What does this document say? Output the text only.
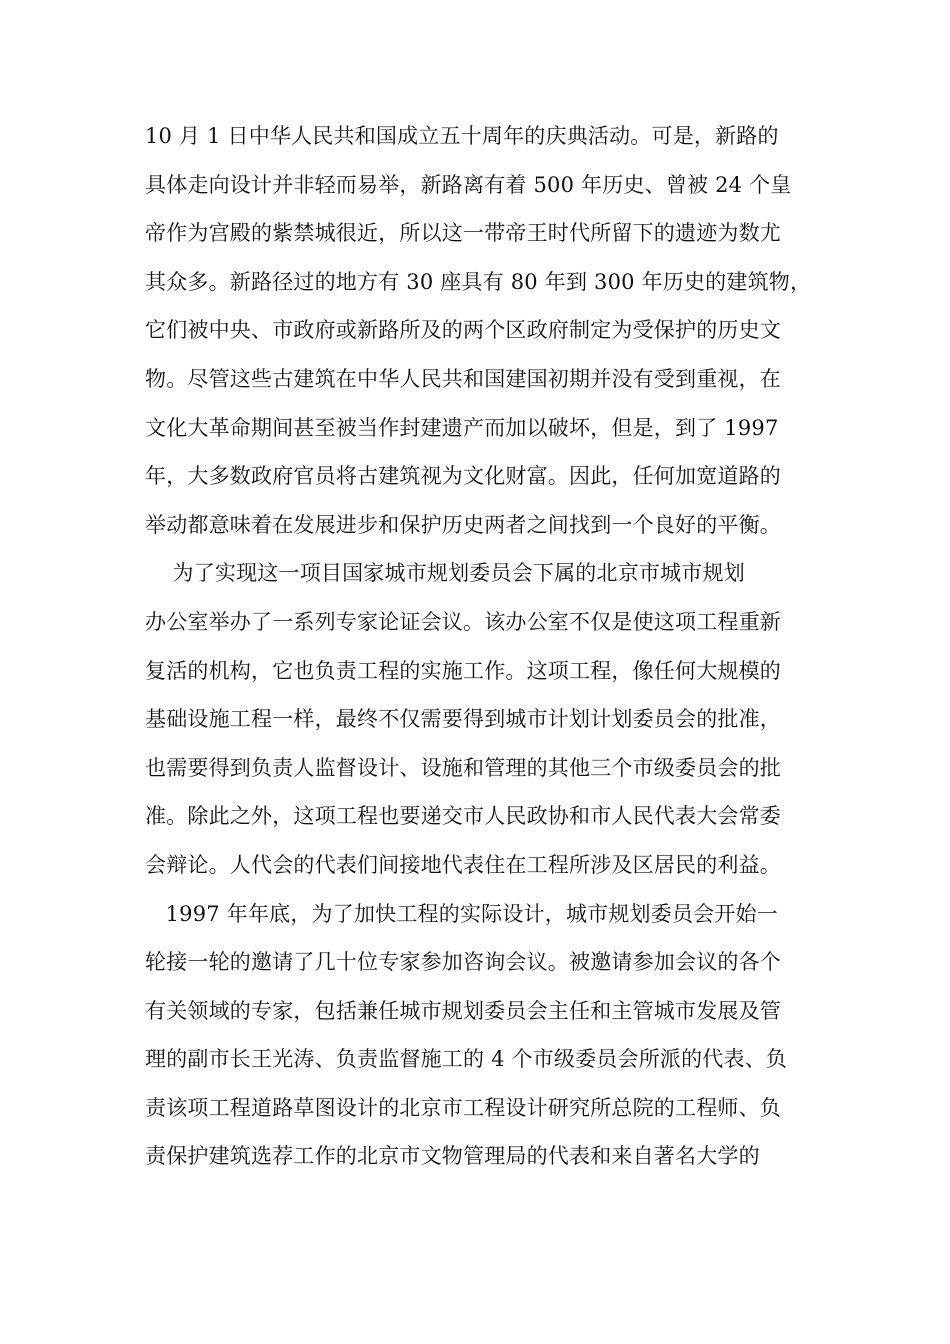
10 月 1 日中华人民共和国成立五十周年的庆典活动。可是，新路的
具体走向设计并非轻而易举，新路离有着 500 年历史、曾被 24 个皇
帝作为宫殿的紫禁城很近，所以这一带帝王时代所留下的遗迹为数尤
其众多。新路径过的地方有 30 座具有 80 年到 300 年历史的建筑物，
它们被中央、市政府或新路所及的两个区政府制定为受保护的历史文
物。尽管这些古建筑在中华人民共和国建国初期并没有受到重视，在
文化大革命期间甚至被当作封建遗产而加以破坏，但是，到了 1997
年，大多数政府官员将古建筑视为文化财富。因此，任何加宽道路的
举动都意味着在发展进步和保护历史两者之间找到一个良好的平衡。
为了实现这一项目国家城市规划委员会下属的北京市城市规划
办公室举办了一系列专家论证会议。该办公室不仅是使这项工程重新
复活的机构，它也负责工程的实施工作。这项工程，像任何大规模的
基础设施工程一样，最终不仅需要得到城市计划计划委员会的批准，
也需要得到负责人监督设计、设施和管理的其他三个市级委员会的批
准。除此之外，这项工程也要递交市人民政协和市人民代表大会常委
会辩论。人代会的代表们间接地代表住在工程所涉及区居民的利益。
1997 年年底，为了加快工程的实际设计，城市规划委员会开始一
轮接一轮的邀请了几十位专家参加咨询会议。被邀请参加会议的各个
有关领域的专家，包括兼任城市规划委员会主任和主管城市发展及管
理的副市长王光涛、负责监督施工的 4 个市级委员会所派的代表、负
责该项工程道路草图设计的北京市工程设计研究所总院的工程师、负
责保护建筑选荐工作的北京市文物管理局的代表和来自著名大学的
